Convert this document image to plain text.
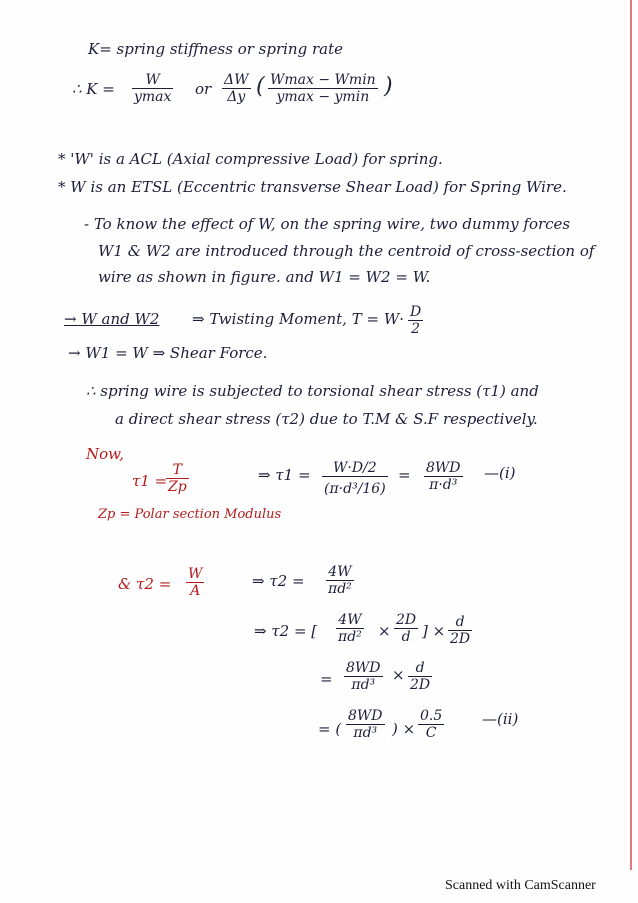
K= spring stiffness or spring rate
∴ K =	W
ymax or $\frac{\Delta W}{\Delta y}$ ( Wmax − Wmin
ymax − ymin )
* 'W' is a ACL (Axial compressive Load) for spring.
* W is an ETSL (Eccentric transverse Shear Load) for Spring Wire.
- To know the effect of W, on the spring wire, two dummy forces
W1 & W2 are introduced through the centroid of cross-section of
wire as shown in figure. and W1 = W2 = W.
→ W and W2 ⇒ Twisting Moment, $T = W\cdot \frac{D}{2}$
→ W1 = W ⇒ Shear Force.
∴ spring wire is subjected to torsional shear stress (τ1) and
a direct shear stress (τ2) due to T.M & S.F respectively.
Now,
τ1 =
$\frac{T}{Zp}$	⇒ $\tau 1 = \frac{W\cdot D/2}{\text{(π·d³/16)}} = \frac{8WD}{\text{π·d³}}$ —(i)
Zp = Polar section Modulus
& $\tau 2 = \frac{W}{A}$	⇒ $\tau 2 = \frac{4W}{\text{πd²}}$
⇒ τ2 = [ $\frac{4W}{\text{πd²}} \times \frac{2D}{d}$ ] × $\frac{d}{2D}$
= $\frac{8WD}{\text{πd³}} \times \frac{d}{2D}$
= ( $\frac{8WD}{\text{πd³}}$ ) × $\frac{0.5}{C}$	—(ii)
Scanned with CamScanner
